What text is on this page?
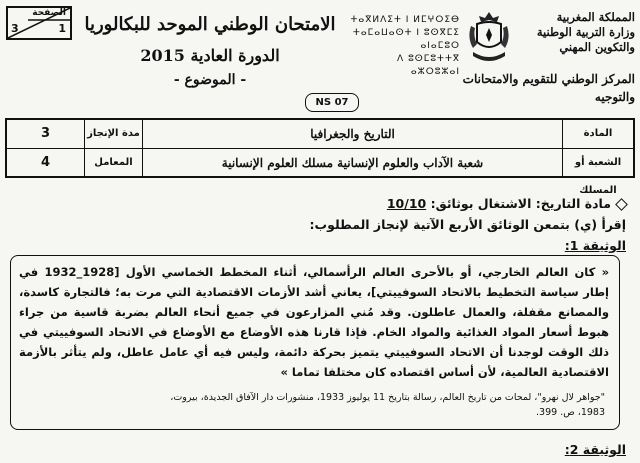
الصفحة
1
3	الامتحان الوطني الموحد للبكالوريا
الدورة العادية 2015
- الموضوع -
NS 07
ⵜⴰⴳⵍⴷⵉⵜ ⵏ ⵍⵎⵖⵔⵉⴱ
ⵜⴰⵎⴰⵡⴰⵙⵜ ⵏ ⵓⵙⴳⵎⵉ ⴰⵏⴰⵎⵓⵔ
ⴷ ⵓⵙⵎⵓⵜⵜⴳ ⴰⵣⵔⵓⵣⴰⵏ
المملكة المغربية
وزارة التربية الوطنية
والتكوين المهني
المركز الوطني للتقويم والامتحانات
والتوجيه
3	مدة الإنجاز	التاريخ والجغرافيا	المادة
4	المعامل	شعبة الآداب والعلوم الإنسانية مسلك العلوم الإنسانية	الشعبة أو المسلك
مادة التاريخ: الاشتغال بوثائق: 10/10
إقرأ (ي) بتمعن الوثائق الأربع الآتية لإنجاز المطلوب:
الوثيقة 1:
« كان العالم الخارجي، أو بالأحرى العالم الرأسمالي، أثناء المخطط الخماسي الأول [1928_1932 في إطار سياسة التخطيط بالاتحاد السوفييتي]، يعاني أشد الأزمات الاقتصادية التي مرت به؛ فالتجارة كاسدة، والمصانع مقفلة، والعمال عاطلون. وقد مُني المزارعون في جميع أنحاء العالم بضربة قاسية من جراء هبوط أسعار المواد الغذائية والمواد الخام. فإذا قارنا هذه الأوضاع مع الأوضاع في الاتحاد السوفييتي في ذلك الوقت لوجدنا أن الاتحاد السوفييتي يتميز بحركة دائمة، وليس فيه أي عامل عاطل، ولم يتأثر بالأزمة الاقتصادية العالمية، لأن أساس اقتصاده كان مختلفا تماما »
"جواهر لال نهرو"، لمحات من تاريخ العالم، رسالة بتاريخ 11 يوليوز 1933، منشورات دار الآفاق الجديدة، بيروت، 1983، ص. 399.
الوثيقة 2:
